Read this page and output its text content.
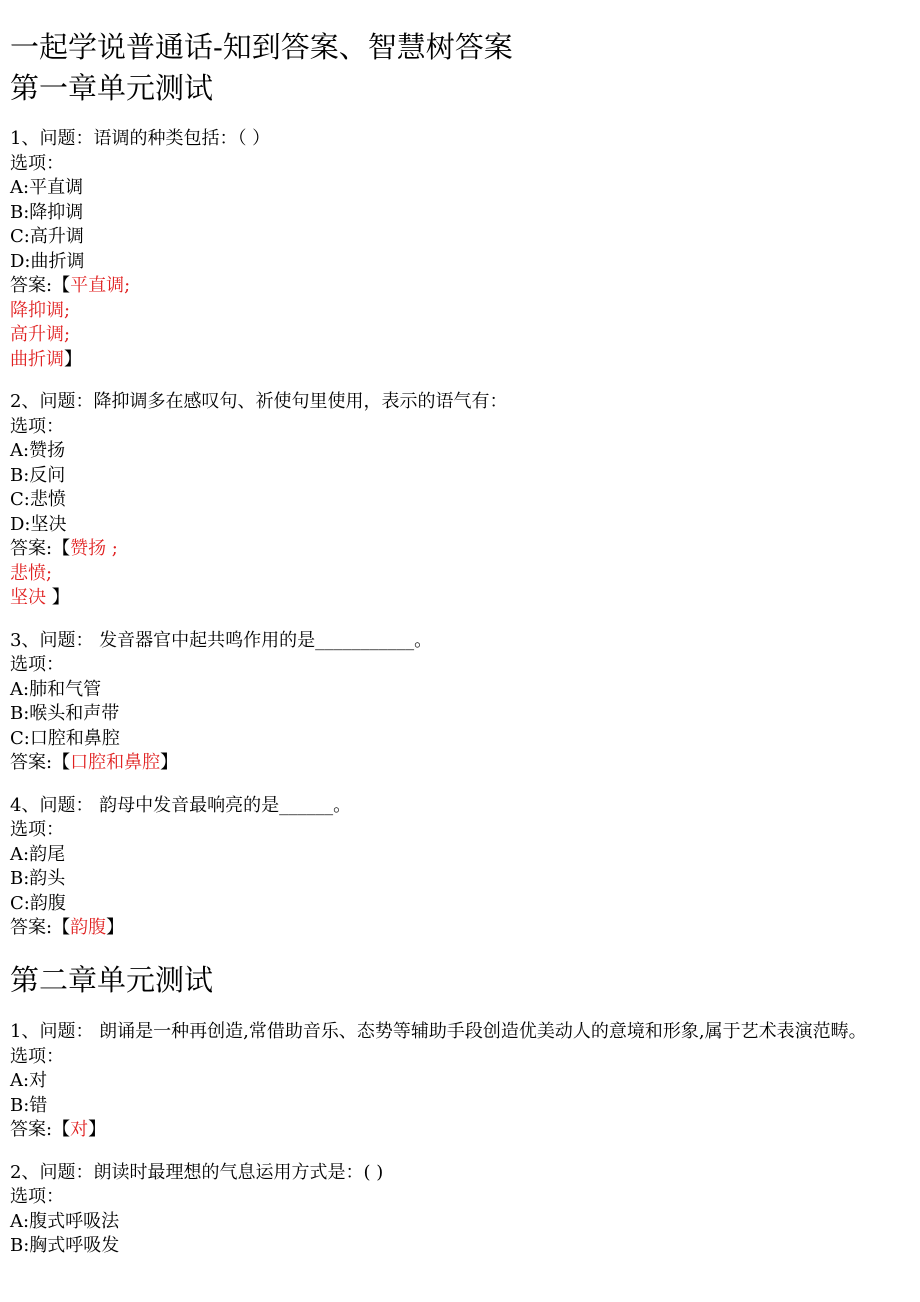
一起学说普通话-知到答案、智慧树答案
第一章单元测试
1、问题：语调的种类包括：（ ）
选项：
A:平直调
B:降抑调
C:高升调
D:曲折调
答案:【平直调;
降抑调;
高升调;
曲折调】
2、问题：降抑调多在感叹句、祈使句里使用，表示的语气有：
选项：
A:赞扬
B:反问
C:悲愤
D:坚决
答案:【赞扬 ;
悲愤;
坚决 】
3、问题： 发音器官中起共鸣作用的是___________。
选项：
A:肺和气管
B:喉头和声带
C:口腔和鼻腔
答案:【口腔和鼻腔】
4、问题： 韵母中发音最响亮的是______。
选项：
A:韵尾
B:韵头
C:韵腹
答案:【韵腹】
第二章单元测试
1、问题： 朗诵是一种再创造,常借助音乐、态势等辅助手段创造优美动人的意境和形象,属于艺术表演范畴。
选项：
A:对
B:错
答案:【对】
2、问题：朗读时最理想的气息运用方式是：( )
选项：
A:腹式呼吸法
B:胸式呼吸发
